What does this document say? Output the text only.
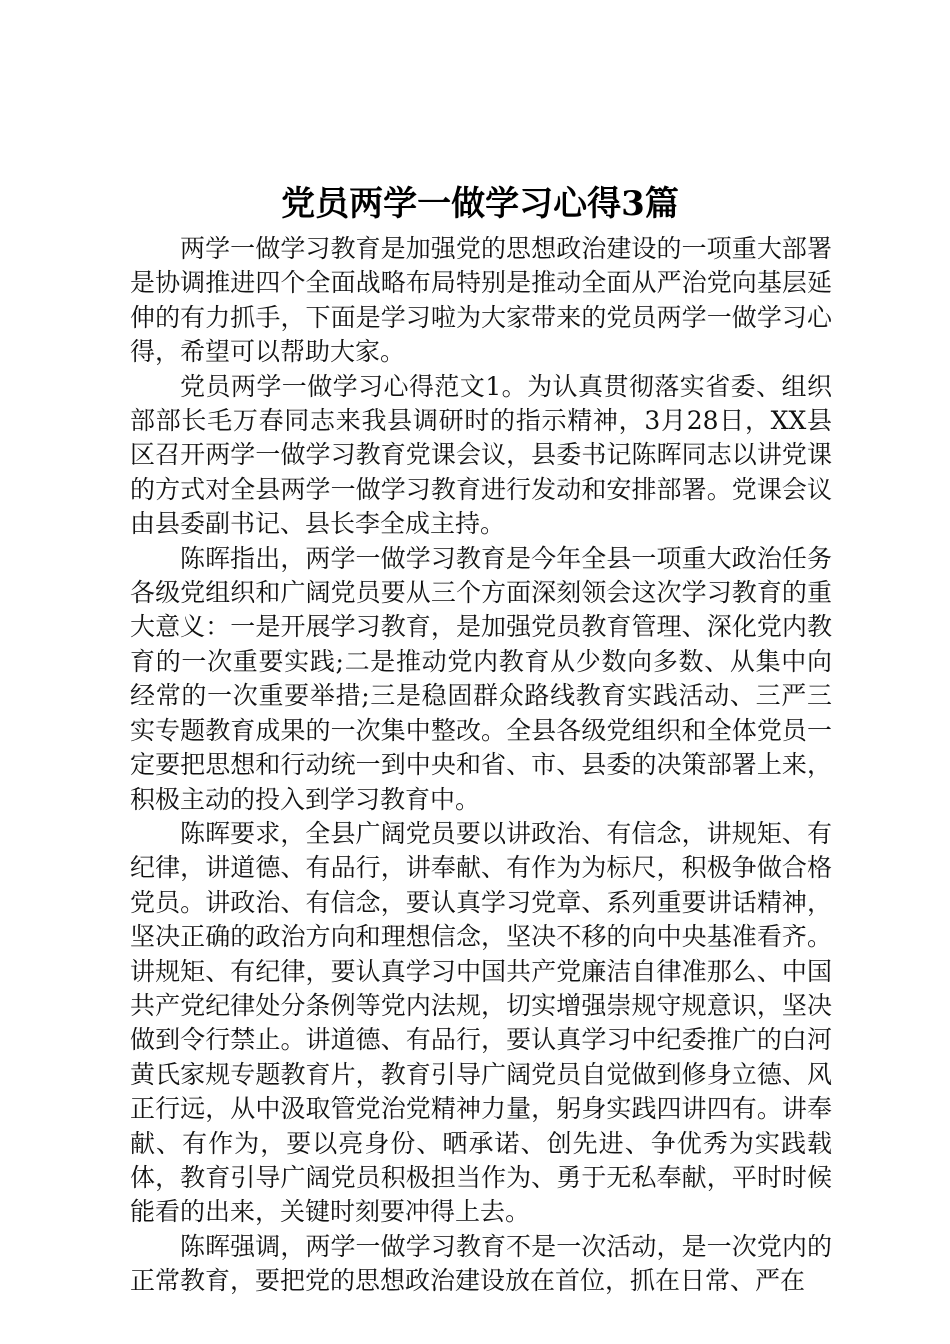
党员两学一做学习心得3篇

两学一做学习教育是加强党的思想政治建设的一项重大部署是协调推进四个全面战略布局特别是推动全面从严治党向基层延伸的有力抓手，下面是学习啦为大家带来的党员两学一做学习心得，希望可以帮助大家。

党员两学一做学习心得范文1。为认真贯彻落实省委、组织部部长毛万春同志来我县调研时的指示精神，3月28日，XX县区召开两学一做学习教育党课会议，县委书记陈晖同志以讲党课的方式对全县两学一做学习教育进行发动和安排部署。党课会议由县委副书记、县长李全成主持。

陈晖指出，两学一做学习教育是今年全县一项重大政治任务各级党组织和广阔党员要从三个方面深刻领会这次学习教育的重大意义：一是开展学习教育，是加强党员教育管理、深化党内教育的一次重要实践;二是推动党内教育从少数向多数、从集中向经常的一次重要举措;三是稳固群众路线教育实践活动、三严三实专题教育成果的一次集中整改。全县各级党组织和全体党员一定要把思想和行动统一到中央和省、市、县委的决策部署上来，积极主动的投入到学习教育中。

陈晖要求，全县广阔党员要以讲政治、有信念，讲规矩、有纪律，讲道德、有品行，讲奉献、有作为为标尺，积极争做合格党员。讲政治、有信念，要认真学习党章、系列重要讲话精神，坚决正确的政治方向和理想信念，坚决不移的向中央基准看齐。讲规矩、有纪律，要认真学习中国共产党廉洁自律准那么、中国共产党纪律处分条例等党内法规，切实增强崇规守规意识，坚决做到令行禁止。讲道德、有品行，要认真学习中纪委推广的白河黄氏家规专题教育片，教育引导广阔党员自觉做到修身立德、风正行远，从中汲取管党治党精神力量，躬身实践四讲四有。讲奉献、有作为，要以亮身份、晒承诺、创先进、争优秀为实践载体，教育引导广阔党员积极担当作为、勇于无私奉献，平时时候能看的出来，关键时刻要冲得上去。

陈晖强调，两学一做学习教育不是一次活动，是一次党内的正常教育，要把党的思想政治建设放在首位，抓在日常、严在
